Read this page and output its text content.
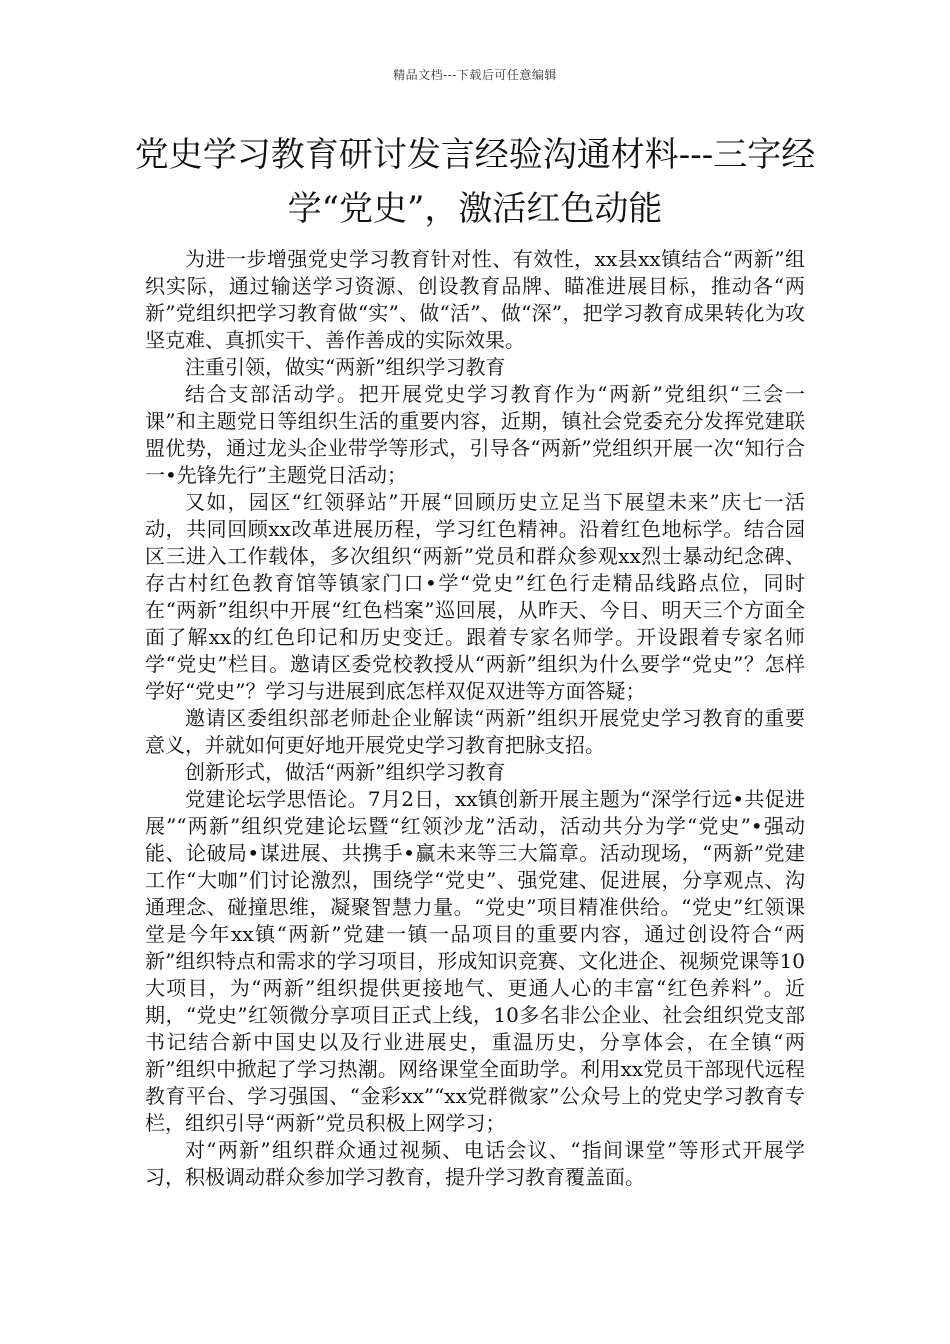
精品文档---下载后可任意编辑
党史学习教育研讨发言经验沟通材料---三字经学“党史”，激活红色动能

为进一步增强党史学习教育针对性、有效性，xx县xx镇结合“两新”组织实际，通过输送学习资源、创设教育品牌、瞄准进展目标，推动各“两新”党组织把学习教育做“实”、做“活”、做“深”，把学习教育成果转化为攻坚克难、真抓实干、善作善成的实际效果。

注重引领，做实“两新”组织学习教育

结合支部活动学。把开展党史学习教育作为“两新”党组织“三会一课”和主题党日等组织生活的重要内容，近期，镇社会党委充分发挥党建联盟优势，通过龙头企业带学等形式，引导各“两新”党组织开展一次“知行合一•先锋先行”主题党日活动；

又如，园区“红领驿站”开展“回顾历史立足当下展望未来”庆七一活动，共同回顾xx改革进展历程，学习红色精神。沿着红色地标学。结合园区三进入工作载体，多次组织“两新”党员和群众参观xx烈士暴动纪念碑、存古村红色教育馆等镇家门口•学“党史”红色行走精品线路点位，同时在“两新”组织中开展“红色档案”巡回展，从昨天、今日、明天三个方面全面了解xx的红色印记和历史变迁。跟着专家名师学。开设跟着专家名师学“党史”栏目。邀请区委党校教授从“两新”组织为什么要学“党史”？怎样学好“党史”？学习与进展到底怎样双促双进等方面答疑；

邀请区委组织部老师赴企业解读“两新”组织开展党史学习教育的重要意义，并就如何更好地开展党史学习教育把脉支招。

创新形式，做活“两新”组织学习教育

党建论坛学思悟论。7月2日，xx镇创新开展主题为“深学行远•共促进展”“两新”组织党建论坛暨“红领沙龙”活动，活动共分为学“党史”•强动能、论破局•谋进展、共携手•赢未来等三大篇章。活动现场，“两新”党建工作“大咖”们讨论激烈，围绕学“党史”、强党建、促进展，分享观点、沟通理念、碰撞思维，凝聚智慧力量。“党史”项目精准供给。“党史”红领课堂是今年xx镇“两新”党建一镇一品项目的重要内容，通过创设符合“两新”组织特点和需求的学习项目，形成知识竞赛、文化进企、视频党课等10大项目，为“两新”组织提供更接地气、更通人心的丰富“红色养料”。近期，“党史”红领微分享项目正式上线，10多名非公企业、社会组织党支部书记结合新中国史以及行业进展史，重温历史，分享体会，在全镇“两新”组织中掀起了学习热潮。网络课堂全面助学。利用xx党员干部现代远程教育平台、学习强国、“金彩xx”“xx党群微家”公众号上的党史学习教育专栏，组织引导“两新”党员积极上网学习；

对“两新”组织群众通过视频、电话会议、“指间课堂”等形式开展学习，积极调动群众参加学习教育，提升学习教育覆盖面。
